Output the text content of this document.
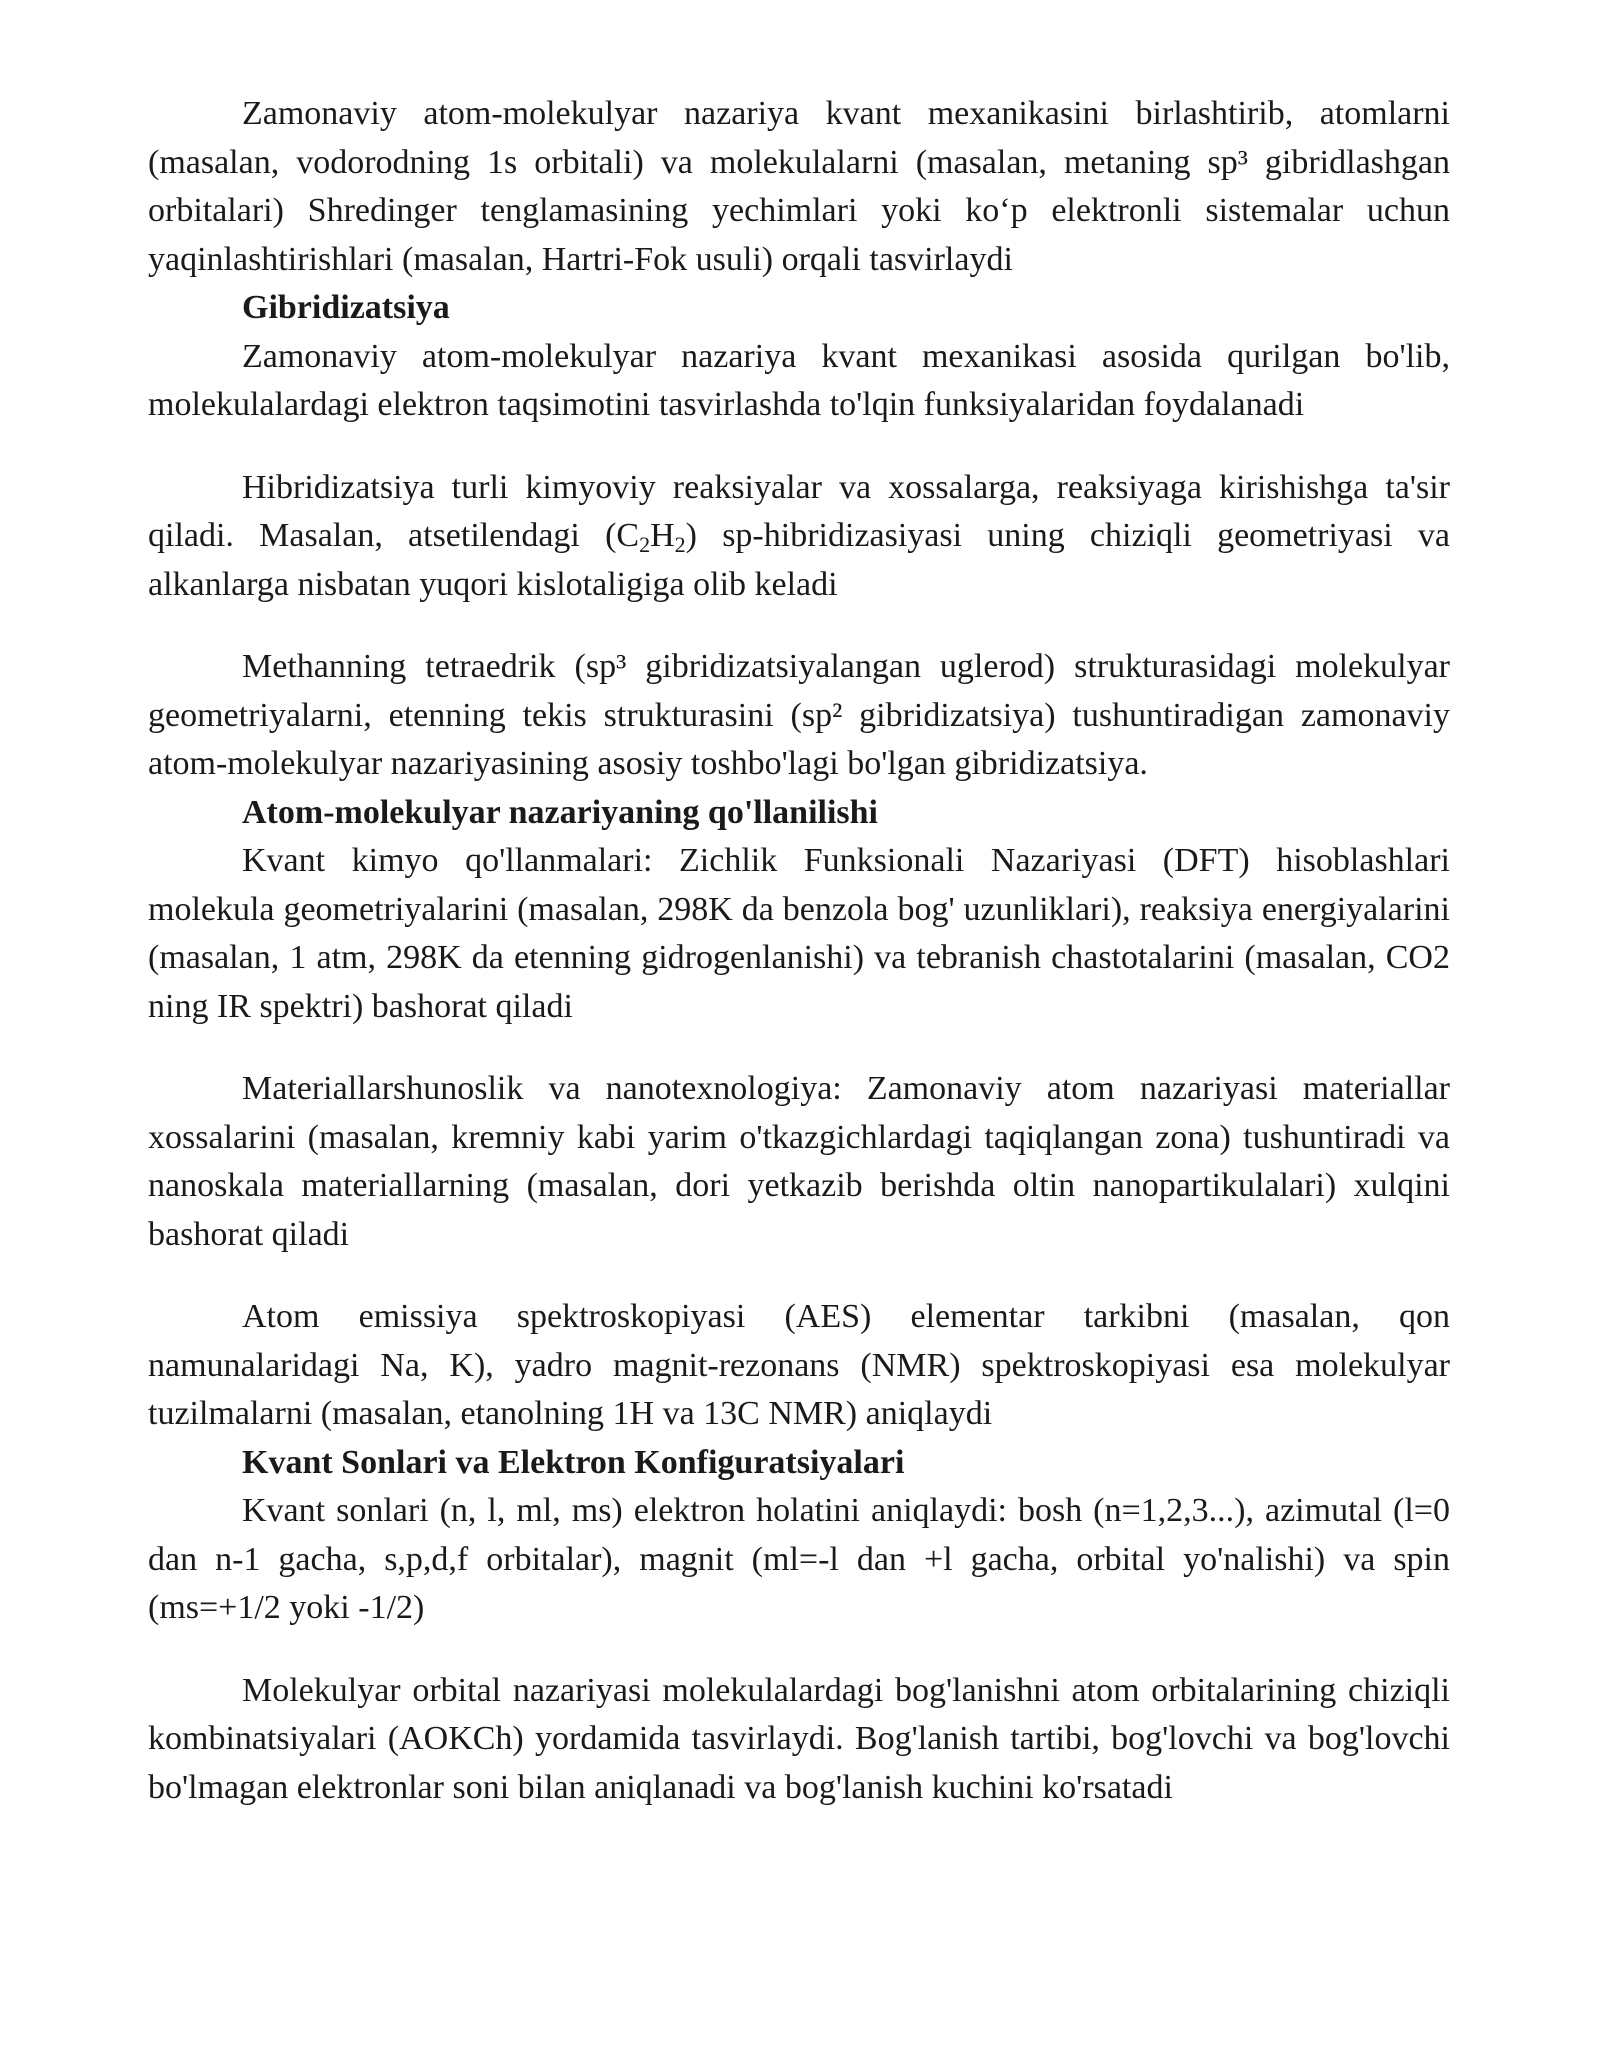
Zamonaviy atom-molekulyar nazariya kvant mexanikasini birlashtirib, atomlarni (masalan, vodorodning 1s orbitali) va molekulalarni (masalan, metaning sp³ gibridlashgan orbitalari) Shredinger tenglamasining yechimlari yoki ko‘p elektronli sistemalar uchun yaqinlashtirishlari (masalan, Hartri-Fok usuli) orqali tasvirlaydi

Gibridizatsiya

Zamonaviy atom-molekulyar nazariya kvant mexanikasi asosida qurilgan bo'lib, molekulalardagi elektron taqsimotini tasvirlashda to'lqin funksiyalaridan foydalanadi

Hibridizatsiya turli kimyoviy reaksiyalar va xossalarga, reaksiyaga kirishishga ta'sir qiladi. Masalan, atsetilendagi $(C_2H_2)$ sp-hibridizasiyasi uning chiziqli geometriyasi va alkanlarga nisbatan yuqori kislotaligiga olib keladi

Methanning tetraedrik (sp³ gibridizatsiyalangan uglerod) strukturasidagi molekulyar geometriyalarni, etenning tekis strukturasini (sp² gibridizatsiya) tushuntiradigan zamonaviy atom-molekulyar nazariyasining asosiy toshbo'lagi bo'lgan gibridizatsiya.

Atom-molekulyar nazariyaning qo'llanilishi

Kvant kimyo qo'llanmalari: Zichlik Funksionali Nazariyasi (DFT) hisoblashlari molekula geometriyalarini (masalan, 298K da benzola bog' uzunliklari), reaksiya energiyalarini (masalan, 1 atm, 298K da etenning gidrogenlanishi) va tebranish chastotalarini (masalan, CO2 ning IR spektri) bashorat qiladi

Materiallarshunoslik va nanotexnologiya: Zamonaviy atom nazariyasi materiallar xossalarini (masalan, kremniy kabi yarim o'tkazgichlardagi taqiqlangan zona) tushuntiradi va nanoskala materiallarning (masalan, dori yetkazib berishda oltin nanopartikulalari) xulqini bashorat qiladi

Atom emissiya spektroskopiyasi (AES) elementar tarkibni (masalan, qon namunalaridagi Na, K), yadro magnit-rezonans (NMR) spektroskopiyasi esa molekulyar tuzilmalarni (masalan, etanolning 1H va 13C NMR) aniqlaydi

Kvant Sonlari va Elektron Konfiguratsiyalari

Kvant sonlari (n, l, ml, ms) elektron holatini aniqlaydi: bosh (n=1,2,3...), azimutal (l=0 dan n-1 gacha, s,p,d,f orbitalar), magnit (ml=-l dan +l gacha, orbital yo'nalishi) va spin (ms=+1/2 yoki -1/2)

Molekulyar orbital nazariyasi molekulalardagi bog'lanishni atom orbitalarining chiziqli kombinatsiyalari (AOKCh) yordamida tasvirlaydi. Bog'lanish tartibi, bog'lovchi va bog'lovchi bo'lmagan elektronlar soni bilan aniqlanadi va bog'lanish kuchini ko'rsatadi
